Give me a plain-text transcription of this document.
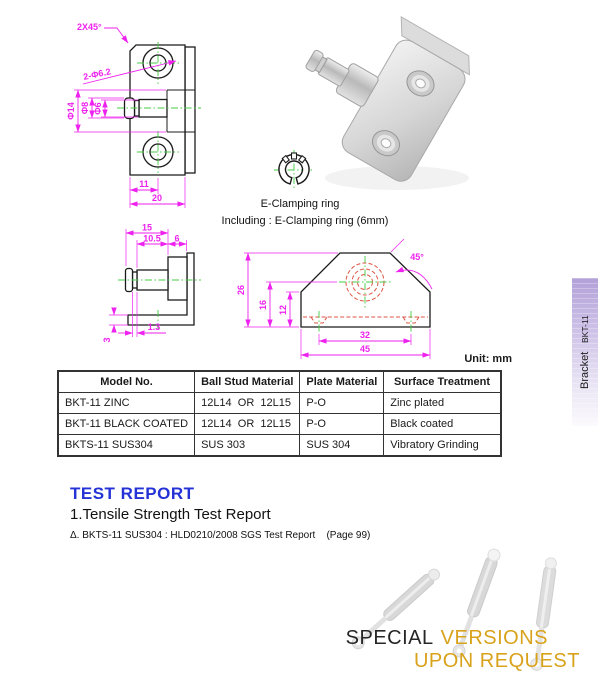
2X45°
2-Φ6.2
Φ14 Φ8 Φ6
11
20	E-Clamping ring
Including : E-Clamping ring (6mm)
15
10.5 6
3
1.3
26
16 12
32
45
45°
Unit: mm
Model No.	Ball Stud Material	Plate Material	Surface Treatment
BKT-11 ZINC	12L14  OR  12L15	P-O	Zinc plated
BKT-11 BLACK COATED	12L14  OR  12L15	P-O	Black coated
BKTS-11 SUS304	SUS 303	SUS 304	Vibratory Grinding
TEST REPORT
1.Tensile Strength Test Report
Δ. BKTS-11 SUS304 : HLD0210/2008 SGS Test Report    (Page 99)
SPECIAL VERSIONS
UPON REQUEST
BracketBKT-11
